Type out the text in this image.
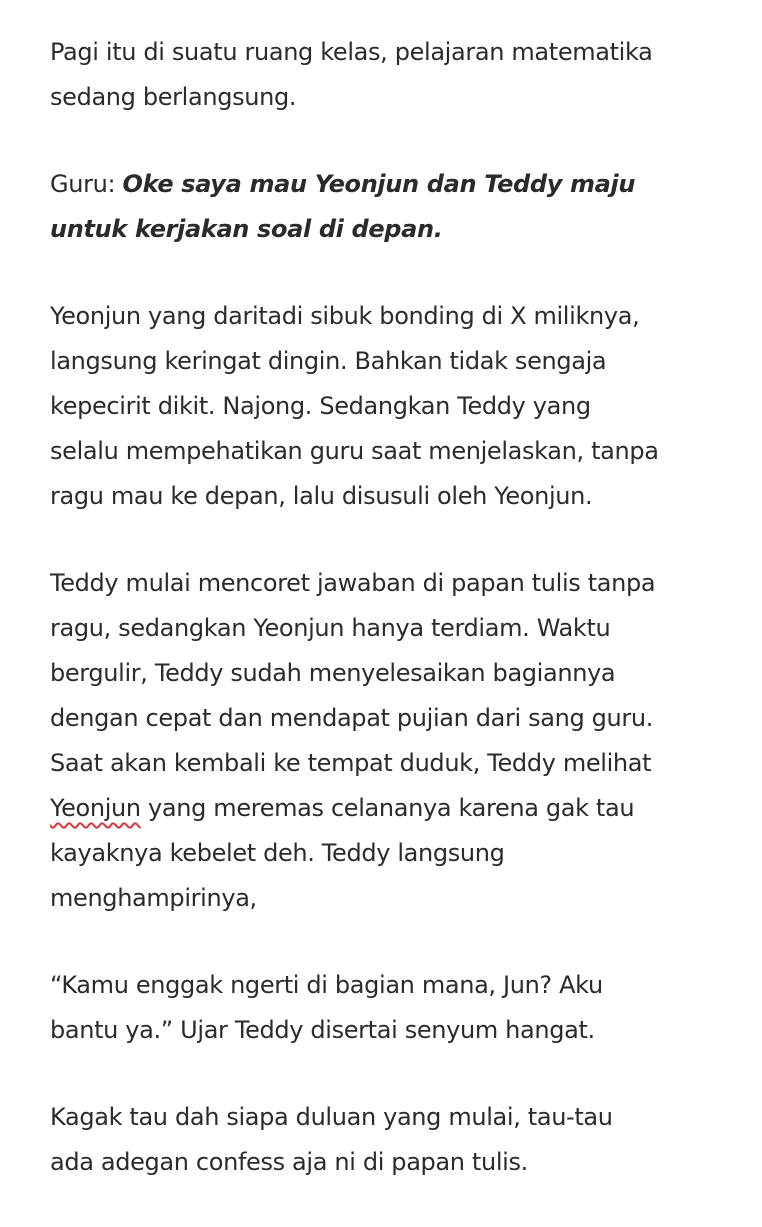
Pagi itu di suatu ruang kelas, pelajaran matematika
sedang berlangsung.

Guru: Oke saya mau Yeonjun dan Teddy maju
untuk kerjakan soal di depan.

Yeonjun yang daritadi sibuk bonding di X miliknya,
langsung keringat dingin. Bahkan tidak sengaja
kepecirit dikit. Najong. Sedangkan Teddy yang
selalu mempehatikan guru saat menjelaskan, tanpa
ragu mau ke depan, lalu disusuli oleh Yeonjun.

Teddy mulai mencoret jawaban di papan tulis tanpa
ragu, sedangkan Yeonjun hanya terdiam. Waktu
bergulir, Teddy sudah menyelesaikan bagiannya
dengan cepat dan mendapat pujian dari sang guru.
Saat akan kembali ke tempat duduk, Teddy melihat
Yeonjun yang meremas celananya karena gak tau
kayaknya kebelet deh. Teddy langsung
menghampirinya,

“Kamu enggak ngerti di bagian mana, Jun? Aku
bantu ya.” Ujar Teddy disertai senyum hangat.

Kagak tau dah siapa duluan yang mulai, tau-tau
ada adegan confess aja ni di papan tulis.
